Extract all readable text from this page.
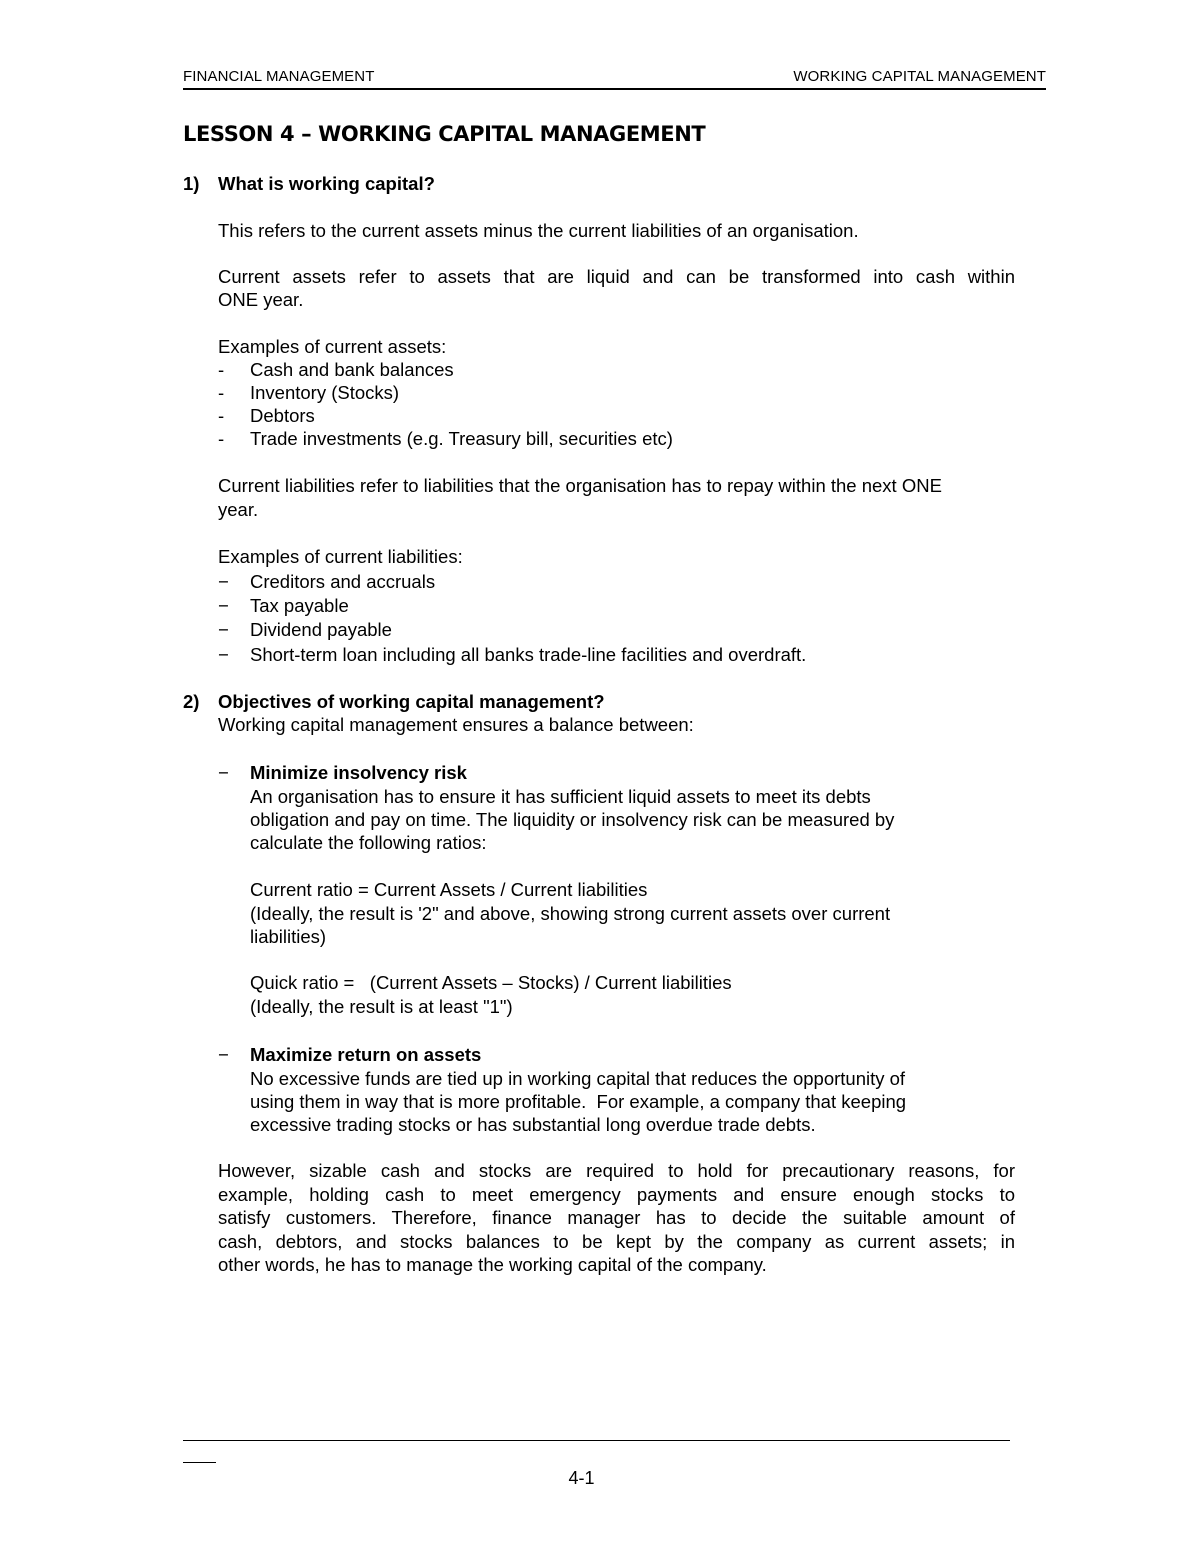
FINANCIAL MANAGEMENT	WORKING CAPITAL MANAGEMENT
LESSON 4 – WORKING CAPITAL MANAGEMENT
1) What is working capital?
This refers to the current assets minus the current liabilities of an organisation.
Current assets refer to assets that are liquid and can be transformed into cash within
ONE year.
Examples of current assets:
- Cash and bank balances
- Inventory (Stocks)
- Debtors
- Trade investments (e.g. Treasury bill, securities etc)
Current liabilities refer to liabilities that the organisation has to repay within the next ONE
year.
Examples of current liabilities:
− Creditors and accruals
− Tax payable
− Dividend payable
− Short-term loan including all banks trade-line facilities and overdraft.
2) Objectives of working capital management?
Working capital management ensures a balance between:
− Minimize insolvency risk
An organisation has to ensure it has sufficient liquid assets to meet its debts
obligation and pay on time. The liquidity or insolvency risk can be measured by
calculate the following ratios:
Current ratio = Current Assets / Current liabilities
(Ideally, the result is '2" and above, showing strong current assets over current
liabilities)
Quick ratio =   (Current Assets – Stocks) / Current liabilities
(Ideally, the result is at least "1")
− Maximize return on assets
No excessive funds are tied up in working capital that reduces the opportunity of
using them in way that is more profitable.  For example, a company that keeping
excessive trading stocks or has substantial long overdue trade debts.
However, sizable cash and stocks are required to hold for precautionary reasons, for
example, holding cash to meet emergency payments and ensure enough stocks to
satisfy customers. Therefore, finance manager has to decide the suitable amount of
cash, debtors, and stocks balances to be kept by the company as current assets; in
other words, he has to manage the working capital of the company.
4-1
